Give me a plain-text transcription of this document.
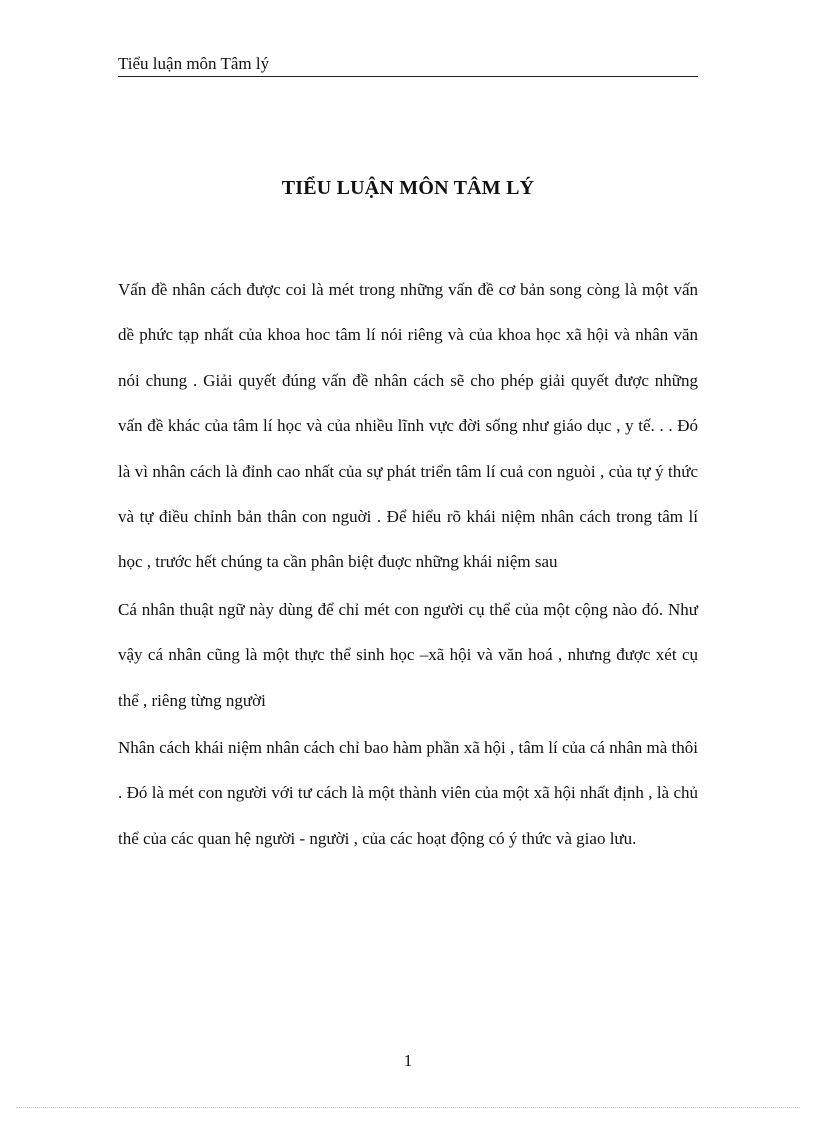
Tiểu luận môn Tâm lý
TIỂU LUẬN MÔN TÂM LÝ

Vấn đề nhân cách được coi là mét trong những vấn đề cơ bản song còng là một vấn dề phức tạp nhất của khoa hoc tâm lí nói riêng và của khoa học xã hội và nhân văn nói chung . Giải quyết đúng vấn đề nhân cách sẽ cho phép giải quyết được những vấn đề khác của tâm lí học và của nhiều lĩnh vực đời sống như giáo dục , y tế. . . Đó là vì nhân cách là đỉnh cao nhất của sự phát triển tâm lí cuả con nguòi , của tự ý thức và tự điều chỉnh bản thân con nguời . Để hiểu rõ khái niệm nhân cách trong tâm lí học , trước hết chúng ta cần phân biệt đuợc những khái niệm sau

Cá nhân thuật ngữ này dùng để chỉ mét con người cụ thể của một cộng nào đó. Như vậy cá nhân cũng là một thực thể sinh học –xã hội và văn hoá , nhưng được xét cụ thể , riêng từng người

Nhân cách khái niệm nhân cách chỉ bao hàm phần xã hội , tâm lí của cá nhân mà thôi . Đó là mét con người với tư cách là một thành viên của một xã hội nhất định , là chủ thể của các quan hệ người - người , của các hoạt động có ý thức và giao lưu.

1
